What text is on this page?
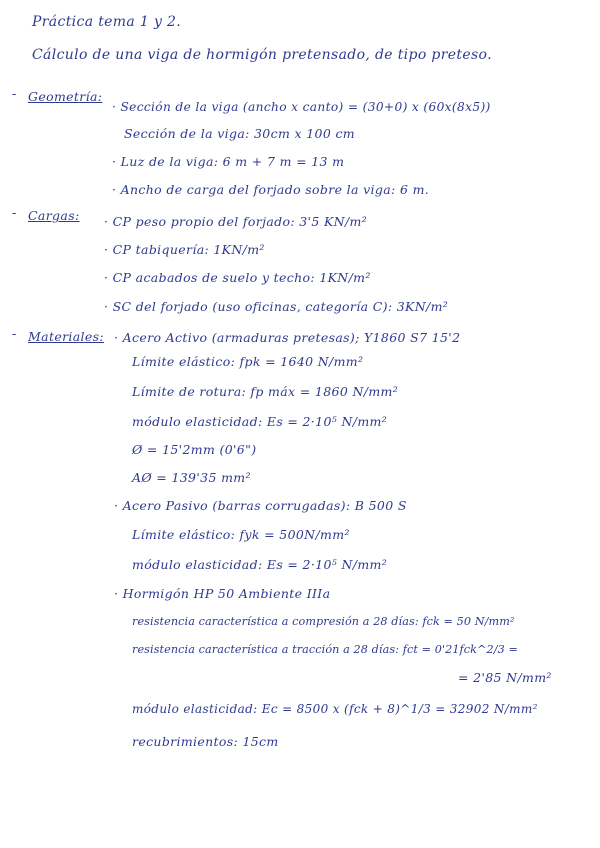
Práctica tema 1 y 2.
Cálculo de una viga de hormigón pretensado, de tipo preteso.
- Geometría:
· Sección de la viga (ancho x canto) = (30+0) x (60x(8x5))
Sección de la viga: 30cm x 100 cm
· Luz de la viga: 6 m + 7 m = 13 m
· Ancho de carga del forjado sobre la viga: 6 m.
- Cargas: · CP peso propio del forjado: 3'5 KN/m²
· CP tabiquería: 1KN/m²
· CP acabados de suelo y techo: 1KN/m²
· SC del forjado (uso oficinas, categoría C): 3KN/m²
- Materiales: · Acero Activo (armaduras pretesas); Y1860 S7 15'2
Límite elástico: fpk = 1640 N/mm²
Límite de rotura: fp máx = 1860 N/mm²
módulo elasticidad: Es = 2·10⁵ N/mm²
Ø = 15'2mm (0'6")
AØ = 139'35 mm²
· Acero Pasivo (barras corrugadas): B 500 S
Límite elástico: fyk = 500N/mm²
módulo elasticidad: Es = 2·10⁵ N/mm²
· Hormigón HP 50 Ambiente IIIa
resistencia característica a compresión a 28 días: fck = 50 N/mm²
resistencia característica a tracción a 28 días: fct = 0'21fck^2/3 =
= 2'85 N/mm²
módulo elasticidad: Ec = 8500 x (fck + 8)^1/3 = 32902 N/mm²
recubrimientos: 15cm
